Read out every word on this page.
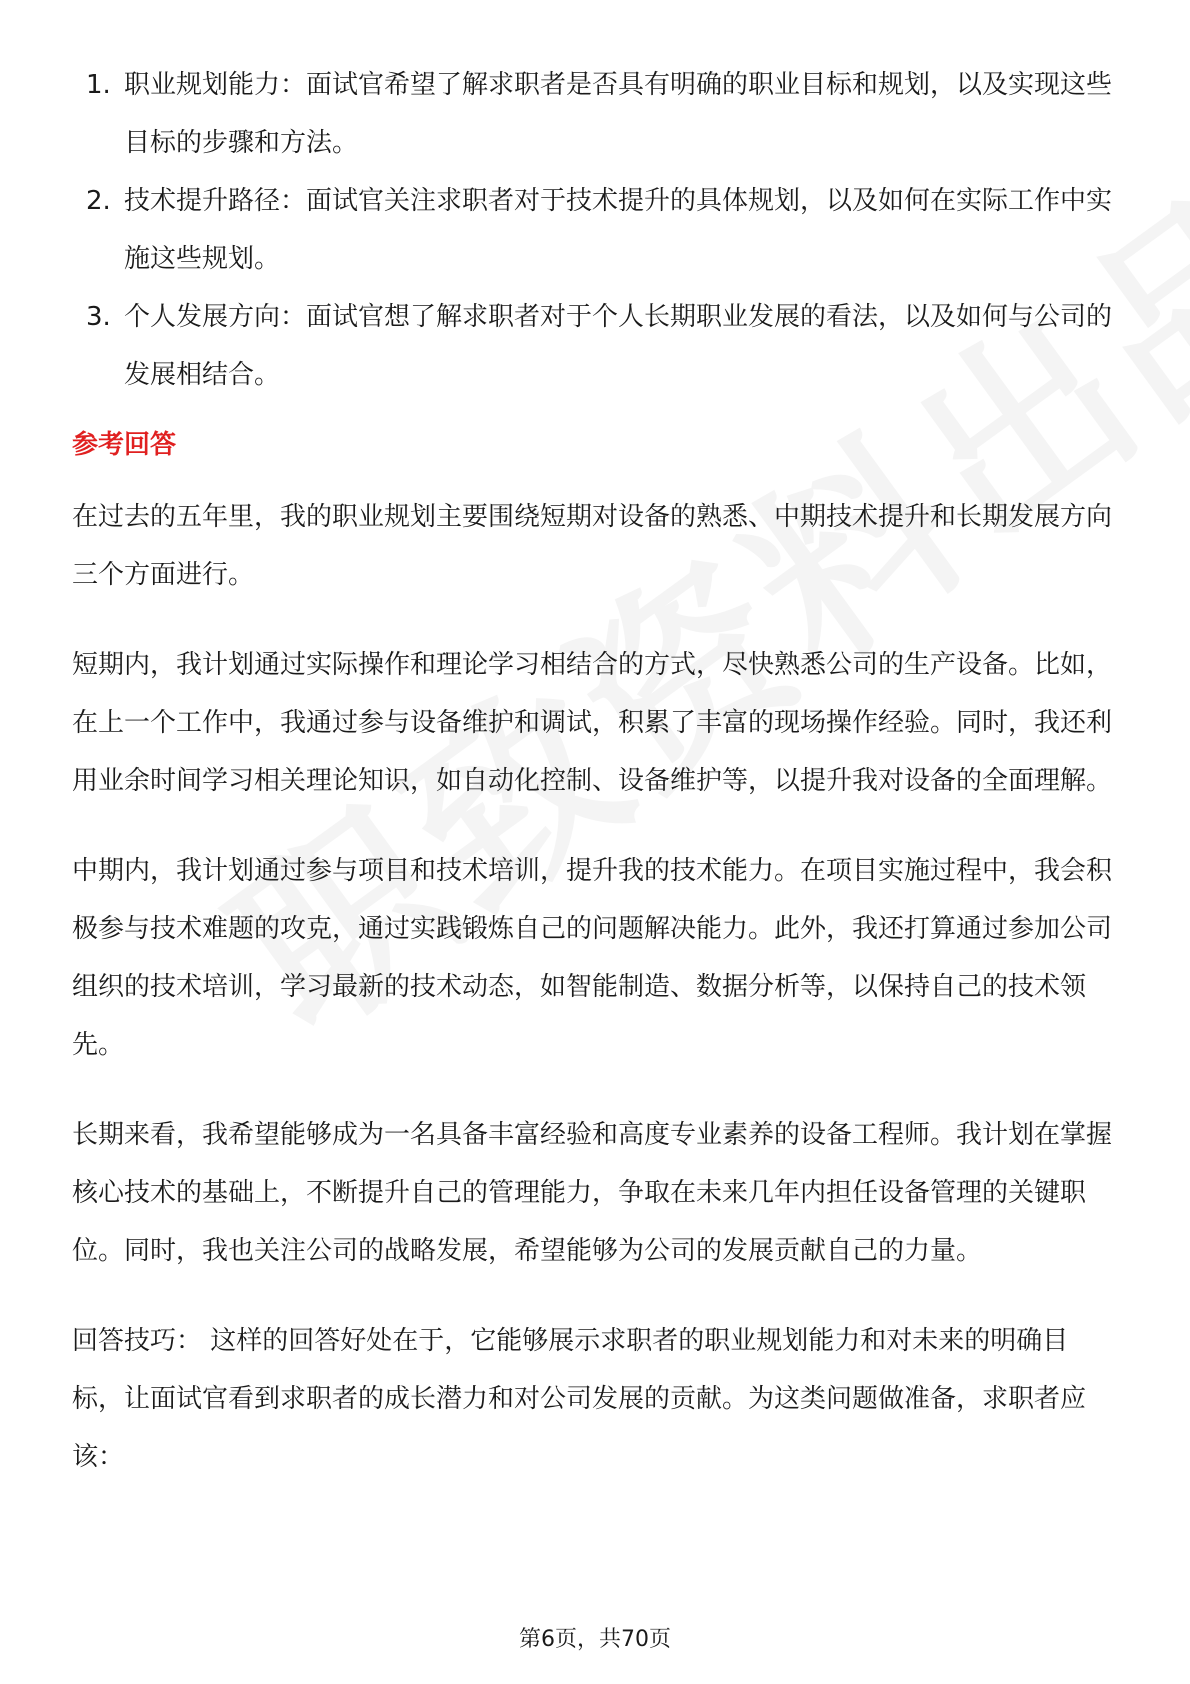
1. 职业规划能力：面试官希望了解求职者是否具有明确的职业目标和规划，以及实现这些目标的步骤和方法。
2. 技术提升路径：面试官关注求职者对于技术提升的具体规划，以及如何在实际工作中实施这些规划。
3. 个人发展方向：面试官想了解求职者对于个人长期职业发展的看法，以及如何与公司的发展相结合。
参考回答

在过去的五年里，我的职业规划主要围绕短期对设备的熟悉、中期技术提升和长期发展方向三个方面进行。

短期内，我计划通过实际操作和理论学习相结合的方式，尽快熟悉公司的生产设备。比如，在上一个工作中，我通过参与设备维护和调试，积累了丰富的现场操作经验。同时，我还利用业余时间学习相关理论知识，如自动化控制、设备维护等，以提升我对设备的全面理解。

中期内，我计划通过参与项目和技术培训，提升我的技术能力。在项目实施过程中，我会积极参与技术难题的攻克，通过实践锻炼自己的问题解决能力。此外，我还打算通过参加公司组织的技术培训，学习最新的技术动态，如智能制造、数据分析等，以保持自己的技术领先。

长期来看，我希望能够成为一名具备丰富经验和高度专业素养的设备工程师。我计划在掌握核心技术的基础上，不断提升自己的管理能力，争取在未来几年内担任设备管理的关键职位。同时，我也关注公司的战略发展，希望能够为公司的发展贡献自己的力量。

回答技巧： 这样的回答好处在于，它能够展示求职者的职业规划能力和对未来的明确目标，让面试官看到求职者的成长潜力和对公司发展的贡献。为这类问题做准备，求职者应该：

第6页，共70页
